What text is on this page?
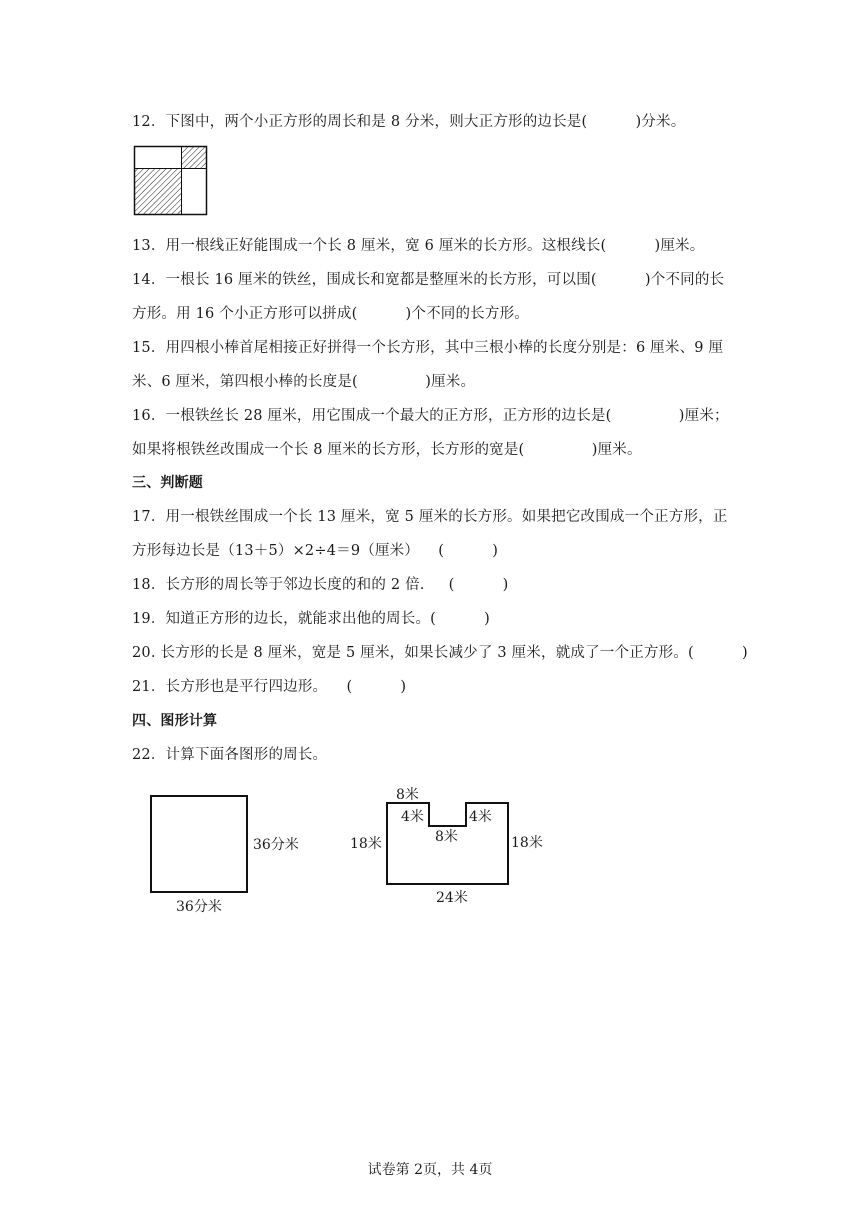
12．下图中，两个小正方形的周长和是 8 分米，则大正方形的边长是(          )分米。
13．用一根线正好能围成一个长 8 厘米，宽 6 厘米的长方形。这根线长(          )厘米。
14．一根长 16 厘米的铁丝，围成长和宽都是整厘米的长方形，可以围(          )个不同的长
方形。用 16 个小正方形可以拼成(          )个不同的长方形。
15．用四根小棒首尾相接正好拼得一个长方形，其中三根小棒的长度分别是：6 厘米、9 厘
米、6 厘米，第四根小棒的长度是(              )厘米。
16．一根铁丝长 28 厘米，用它围成一个最大的正方形，正方形的边长是(              )厘米；
如果将根铁丝改围成一个长 8 厘米的长方形，长方形的宽是(              )厘米。
三、判断题
17．用一根铁丝围成一个长 13 厘米，宽 5 厘米的长方形。如果把它改围成一个正方形，正
方形每边长是（13＋5）×2÷4＝9（厘米）    (          )
18．长方形的周长等于邻边长度的和的 2 倍.     (          )
19．知道正方形的边长，就能求出他的周长。(          )
20. 长方形的长是 8 厘米，宽是 5 厘米，如果长减少了 3 厘米，就成了一个正方形。(          )
21．长方形也是平行四边形。    (          )
四、图形计算
22．计算下面各图形的周长。
36分米
36分米
8米
4米	4米
8米
18米	18米
24米
试卷第 2页，共 4页
